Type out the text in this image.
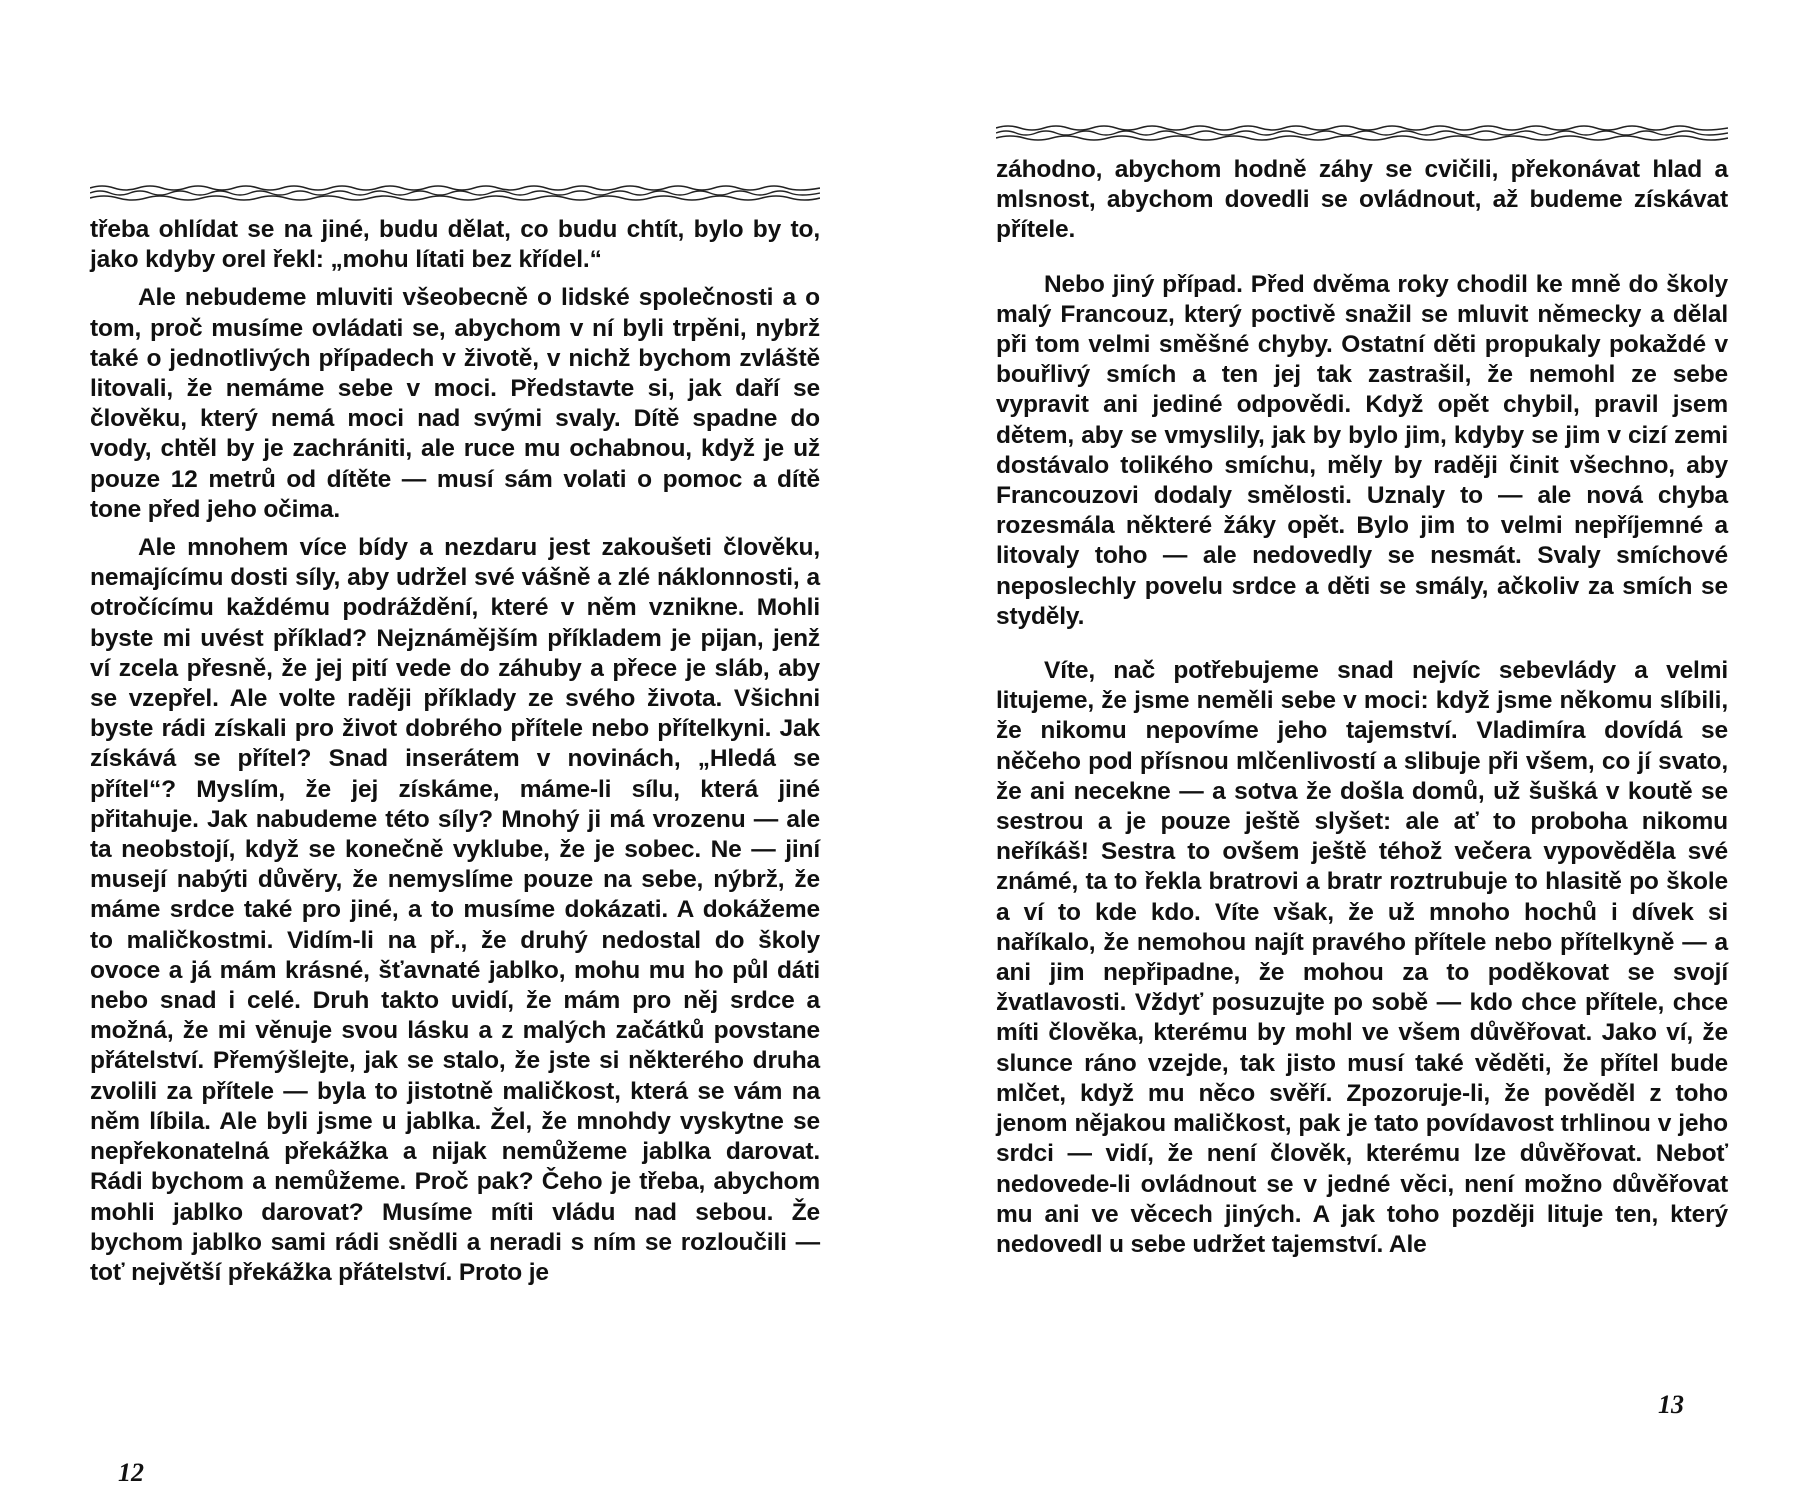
třeba ohlídat se na jiné, budu dělat, co budu chtít, bylo by to, jako kdyby orel řekl: „mohu lítati bez křídel.“

Ale nebudeme mluviti všeobecně o lidské společnosti a o tom, proč musíme ovládati se, abychom v ní byli trpěni, nybrž také o jednotlivých případech v životě, v nichž bychom zvláště litovali, že nemáme sebe v moci. Představte si, jak daří se člověku, který nemá moci nad svými svaly. Dítě spadne do vody, chtěl by je zachrániti, ale ruce mu ochabnou, když je už pouze 12 metrů od dítěte — musí sám volati o pomoc a dítě tone před jeho očima.

Ale mnohem více bídy a nezdaru jest zakoušeti člověku, nemajícímu dosti síly, aby udržel své vášně a zlé náklonnosti, a otročícímu každému podráždění, které v něm vznikne. Mohli byste mi uvést příklad? Nejznámějším příkladem je pijan, jenž ví zcela přesně, že jej pití vede do záhuby a přece je sláb, aby se vzepřel. Ale volte raději příklady ze svého života. Všichni byste rádi získali pro život dobrého přítele nebo přítelkyni. Jak získává se přítel? Snad inserátem v novinách, „Hledá se přítel“? Myslím, že jej získáme, máme-li sílu, která jiné přitahuje. Jak nabudeme této síly? Mnohý ji má vrozenu — ale ta neobstojí, když se konečně vyklube, že je sobec. Ne — jiní musejí nabýti důvěry, že nemyslíme pouze na sebe, nýbrž, že máme srdce také pro jiné, a to musíme dokázati. A dokážeme to maličkostmi. Vidím-li na př., že druhý nedostal do školy ovoce a já mám krásné, šťavnaté jablko, mohu mu ho půl dáti nebo snad i celé. Druh takto uvidí, že mám pro něj srdce a možná, že mi věnuje svou lásku a z malých začátků povstane přátelství. Přemýšlejte, jak se stalo, že jste si některého druha zvolili za přítele — byla to jistotně maličkost, která se vám na něm líbila. Ale byli jsme u jablka. Žel, že mnohdy vyskytne se nepřekonatelná překážka a nijak nemůžeme jablka darovat. Rádi bychom a nemůžeme. Proč pak? Čeho je třeba, abychom mohli jablko darovat? Musíme míti vládu nad sebou. Že bychom jablko sami rádi snědli a neradi s ním se rozloučili — toť největší překážka přátelství. Proto je

12

záhodno, abychom hodně záhy se cvičili, překonávat hlad a mlsnost, abychom dovedli se ovládnout, až budeme získávat přítele.

Nebo jiný případ. Před dvěma roky chodil ke mně do školy malý Francouz, který poctivě snažil se mluvit německy a dělal při tom velmi směšné chyby. Ostatní děti propukaly pokaždé v bouřlivý smích a ten jej tak zastrašil, že nemohl ze sebe vypravit ani jediné odpovědi. Když opět chybil, pravil jsem dětem, aby se vmyslily, jak by bylo jim, kdyby se jim v cizí zemi dostávalo tolikého smíchu, měly by raději činit všechno, aby Francouzovi dodaly smělosti. Uznaly to — ale nová chyba rozesmála některé žáky opět. Bylo jim to velmi nepříjemné a litovaly toho — ale nedovedly se nesmát. Svaly smíchové neposlechly povelu srdce a děti se smály, ačkoliv za smích se styděly.

Víte, nač potřebujeme snad nejvíc sebevlády a velmi litujeme, že jsme neměli sebe v moci: když jsme někomu slíbili, že nikomu nepovíme jeho tajemství. Vladimíra dovídá se něčeho pod přísnou mlčenlivostí a slibuje při všem, co jí svato, že ani necekne — a sotva že došla domů, už šušká v koutě se sestrou a je pouze ještě slyšet: ale ať to proboha nikomu neříkáš! Sestra to ovšem ještě téhož večera vypověděla své známé, ta to řekla bratrovi a bratr roztrubuje to hlasitě po škole a ví to kde kdo. Víte však, že už mnoho hochů i dívek si naříkalo, že nemohou najít pravého přítele nebo přítelkyně — a ani jim nepřipadne, že mohou za to poděkovat se svojí žvatlavosti. Vždyť posuzujte po sobě — kdo chce přítele, chce míti člověka, kterému by mohl ve všem důvěřovat. Jako ví, že slunce ráno vzejde, tak jisto musí také věděti, že přítel bude mlčet, když mu něco svěří. Zpozoruje-li, že pověděl z toho jenom nějakou maličkost, pak je tato povídavost trhlinou v jeho srdci — vidí, že není člověk, kterému lze důvěřovat. Neboť nedovede-li ovládnout se v jedné věci, není možno důvěřovat mu ani ve věcech jiných. A jak toho později lituje ten, který nedovedl u sebe udržet tajemství. Ale

13
